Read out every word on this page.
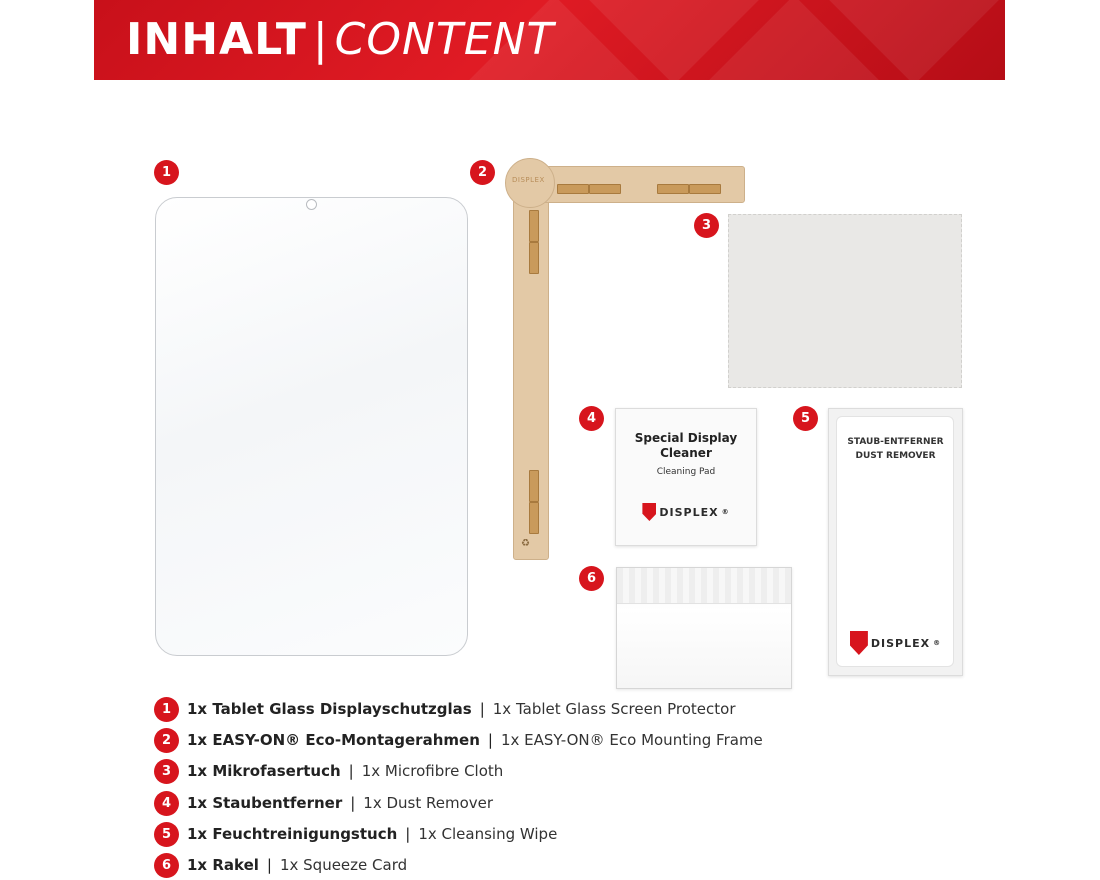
INHALT | CONTENT
1	2	DISPLEX
♻
3
4
Special Display Cleaner
Cleaning Pad
DISPLEX ®
5
STAUB-ENTFERNER
DUST REMOVER
DISPLEX ®
6
1	1x Tablet Glass Displayschutzglas | 1x Tablet Glass Screen Protector
2	1x EASY-ON® Eco-Montagerahmen | 1x EASY-ON® Eco Mounting Frame
3	1x Mikrofasertuch | 1x Microfibre Cloth
4	1x Staubentferner | 1x Dust Remover
5	1x Feuchtreinigungstuch | 1x Cleansing Wipe
6	1x Rakel | 1x Squeeze Card
